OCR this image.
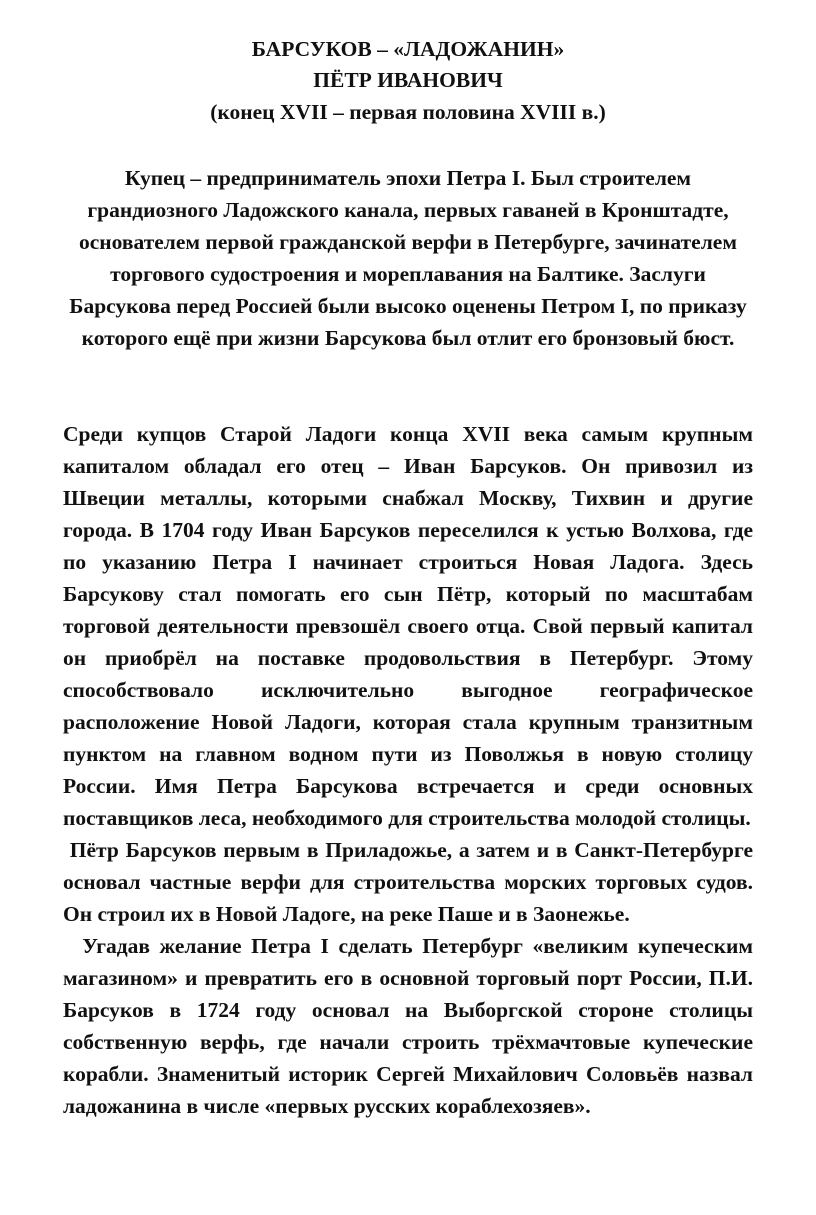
БАРСУКОВ – «ЛАДОЖАНИН»
ПЁТР ИВАНОВИЧ
(конец XVII – первая половина XVIII в.)

Купец – предприниматель эпохи Петра I. Был строителем грандиозного Ладожского канала, первых гаваней в Кронштадте, основателем первой гражданской верфи в Петербурге, зачинателем торгового судостроения и мореплавания на Балтике. Заслуги Барсукова перед Россией были высоко оценены Петром I, по приказу которого ещё при жизни Барсукова был отлит его бронзовый бюст.

Среди купцов Старой Ладоги конца XVII века самым крупным капиталом обладал его отец – Иван Барсуков. Он привозил из Швеции металлы, которыми снабжал Москву, Тихвин и другие города. В 1704 году Иван Барсуков переселился к устью Волхова, где по указанию Петра I начинает строиться Новая Ладога. Здесь Барсукову стал помогать его сын Пётр, который по масштабам торговой деятельности превзошёл своего отца. Свой первый капитал он приобрёл на поставке продовольствия в Петербург. Этому способствовало исключительно выгодное географическое расположение Новой Ладоги, которая стала крупным транзитным пунктом на главном водном пути из Поволжья в новую столицу России. Имя Петра Барсукова встречается и среди основных поставщиков леса, необходимого для строительства молодой столицы.

Пётр Барсуков первым в Приладожье, а затем и в Санкт-Петербурге основал частные верфи для строительства морских торговых судов. Он строил их в Новой Ладоге, на реке Паше и в Заонежье.

Угадав желание Петра I сделать Петербург «великим купеческим магазином» и превратить его в основной торговый порт России, П.И. Барсуков в 1724 году основал на Выборгской стороне столицы собственную верфь, где начали строить трёхмачтовые купеческие корабли. Знаменитый историк Сергей Михайлович Соловьёв назвал ладожанина в числе «первых русских кораблехозяев».
